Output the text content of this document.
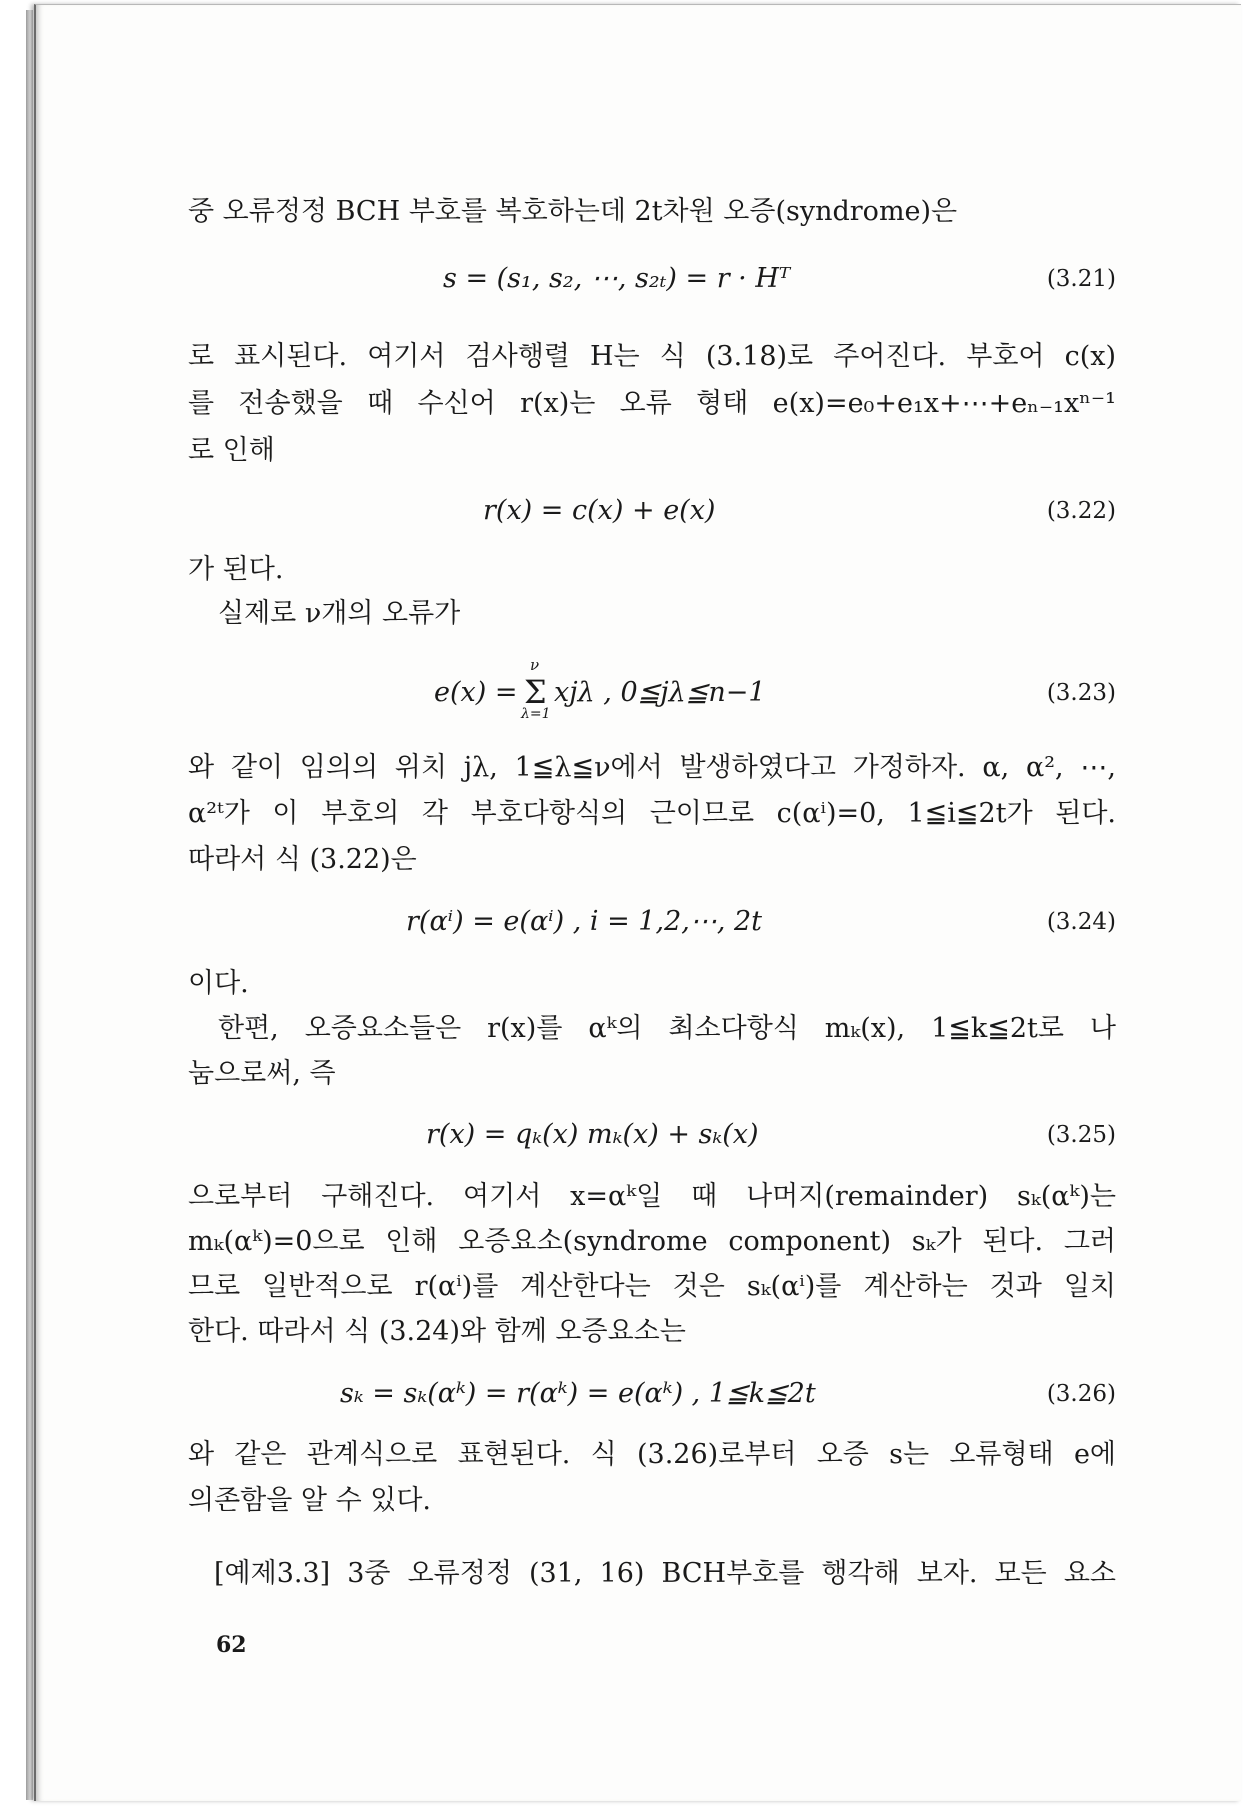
중 오류정정 BCH 부호를 복호하는데 2t차원 오증(syndrome)은
s = (s₁, s₂, ⋯, s₂ₜ) = r · Hᵀ	(3.21)
로 표시된다. 여기서 검사행렬 H는 식 (3.18)로 주어진다. 부호어 c(x)
를 전송했을 때 수신어 r(x)는 오류 형태 e(x)=e₀+e₁x+⋯+eₙ₋₁xⁿ⁻¹
로 인해
r(x) = c(x) + e(x)	(3.22)
가 된다.
실제로 ν개의 오류가
e(x) = Σ
ν
λ=1
xjλ , 0≦jλ≦n−1	(3.23)
와 같이 임의의 위치 jλ, 1≦λ≦ν에서 발생하였다고 가정하자. α, α², ⋯,
α²ᵗ가 이 부호의 각 부호다항식의 근이므로 c(αⁱ)=0, 1≦i≦2t가 된다.
따라서 식 (3.22)은
r(αⁱ) = e(αⁱ) , i = 1,2,⋯, 2t	(3.24)
이다.
한편, 오증요소들은 r(x)를 αᵏ의 최소다항식 mₖ(x), 1≦k≦2t로 나
눔으로써, 즉
r(x) = qₖ(x) mₖ(x) + sₖ(x)	(3.25)
으로부터 구해진다. 여기서 x=αᵏ일 때 나머지(remainder) sₖ(αᵏ)는
mₖ(αᵏ)=0으로 인해 오증요소(syndrome component) sₖ가 된다. 그러
므로 일반적으로 r(αⁱ)를 계산한다는 것은 sₖ(αⁱ)를 계산하는 것과 일치
한다. 따라서 식 (3.24)와 함께 오증요소는
sₖ = sₖ(αᵏ) = r(αᵏ) = e(αᵏ) , 1≦k≦2t	(3.26)
와 같은 관계식으로 표현된다. 식 (3.26)로부터 오증 s는 오류형태 e에
의존함을 알 수 있다.
[예제3.3] 3중 오류정정 (31, 16) BCH부호를 행각해 보자. 모든 요소
62
